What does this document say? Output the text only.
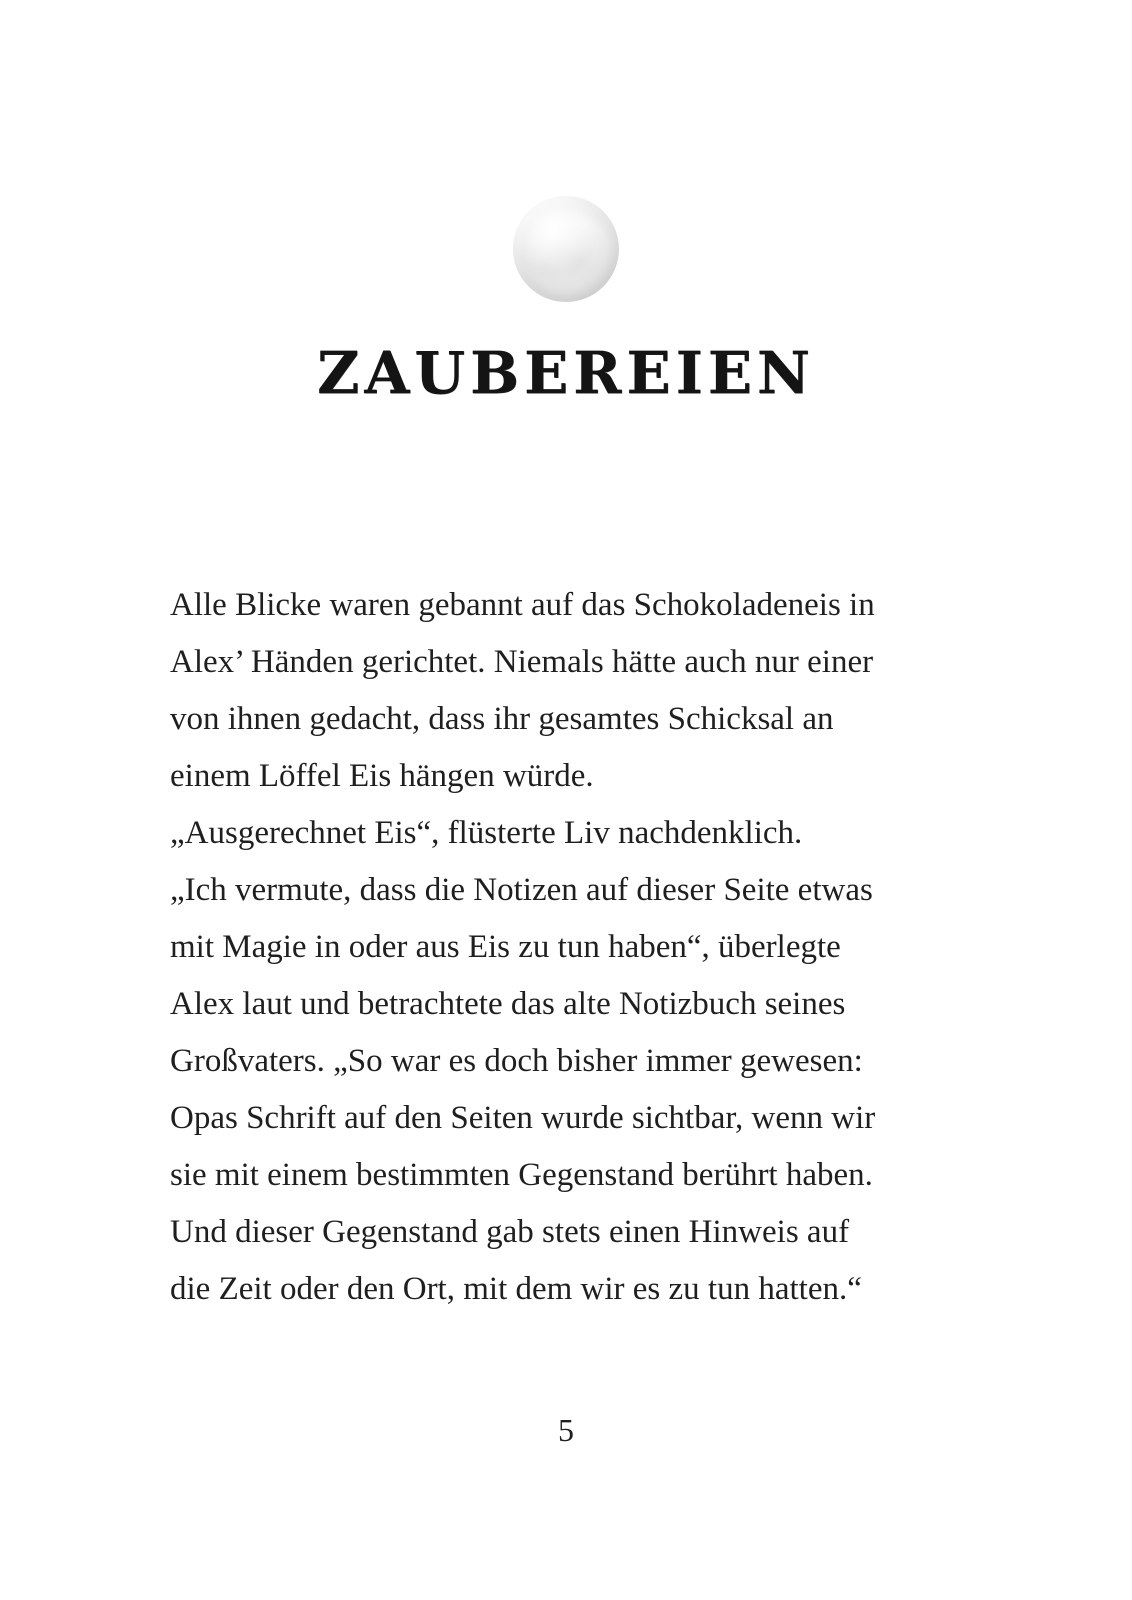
ZAUBEREIEN
Alle Blicke waren gebannt auf das Schokoladeneis in
Alex’ Händen gerichtet. Niemals hätte auch nur einer
von ihnen gedacht, dass ihr gesamtes Schicksal an
einem Löffel Eis hängen würde.
„Ausgerechnet Eis“, flüsterte Liv nachdenklich.
„Ich vermute, dass die Notizen auf dieser Seite etwas
mit Magie in oder aus Eis zu tun haben“, überlegte
Alex laut und betrachtete das alte Notizbuch seines
Großvaters. „So war es doch bisher immer gewesen:
Opas Schrift auf den Seiten wurde sichtbar, wenn wir
sie mit einem bestimmten Gegenstand berührt haben.
Und dieser Gegenstand gab stets einen Hinweis auf
die Zeit oder den Ort, mit dem wir es zu tun hatten.“
5
